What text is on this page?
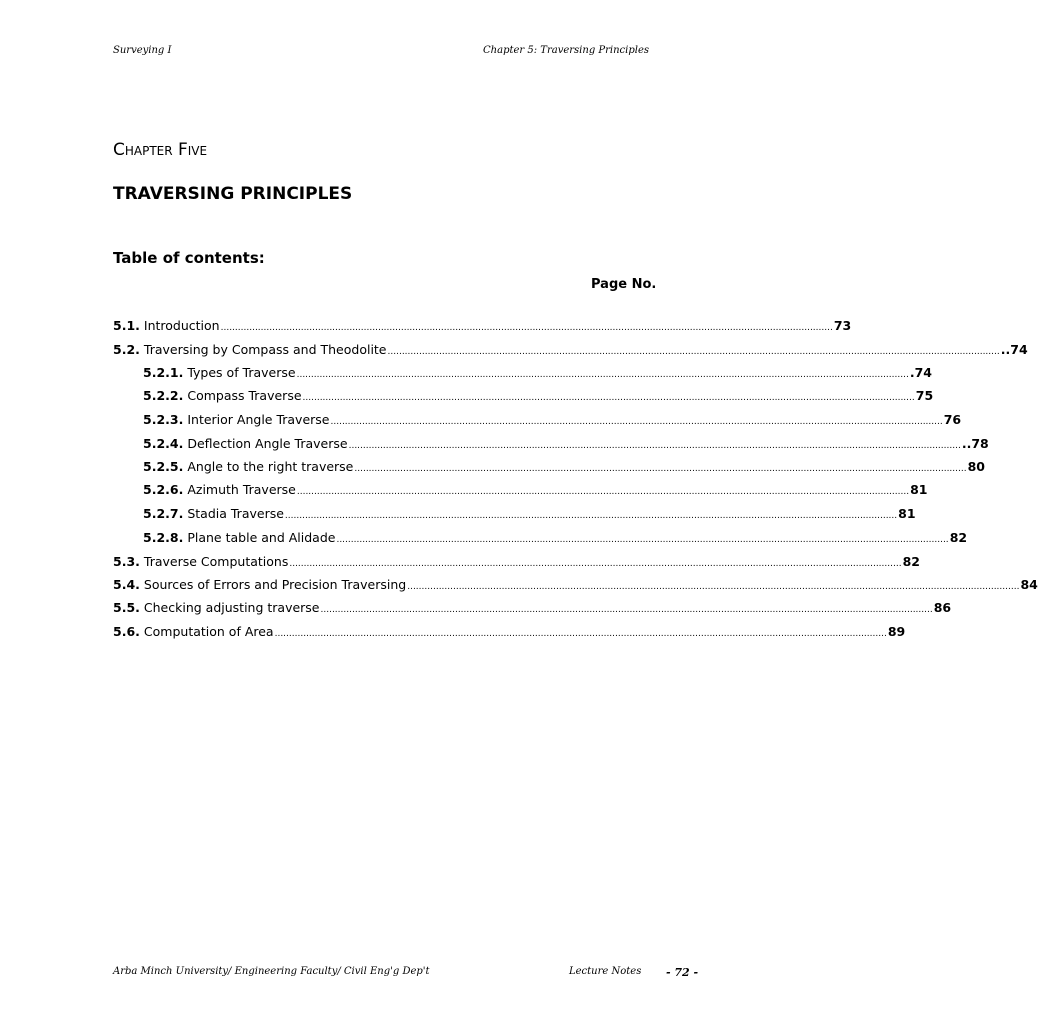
Surveying I	Chapter 5: Traversing Principles
Chapter Five
TRAVERSING PRINCIPLES
Table of contents:
Page No.
5.1. Introduction ...................................................................................................................................................................................................................... 73
5.2. Traversing by Compass and Theodolite ...................................................................................................................................................................................................................... ..74
5.2.1. Types of Traverse ...................................................................................................................................................................................................................... .74
5.2.2. Compass Traverse ...................................................................................................................................................................................................................... 75
5.2.3. Interior Angle Traverse ...................................................................................................................................................................................................................... 76
5.2.4. Deflection Angle Traverse ...................................................................................................................................................................................................................... ..78
5.2.5. Angle to the right traverse ...................................................................................................................................................................................................................... 80
5.2.6. Azimuth Traverse ...................................................................................................................................................................................................................... 81
5.2.7. Stadia Traverse ...................................................................................................................................................................................................................... 81
5.2.8. Plane table and Alidade ...................................................................................................................................................................................................................... 82
5.3. Traverse Computations ...................................................................................................................................................................................................................... 82
5.4. Sources of Errors and Precision Traversing ...................................................................................................................................................................................................................... 84
5.5. Checking adjusting traverse ...................................................................................................................................................................................................................... 86
5.6. Computation of Area ...................................................................................................................................................................................................................... 89
Arba Minch University/ Engineering Faculty/ Civil Eng'g Dep't	Lecture Notes - 72 -
